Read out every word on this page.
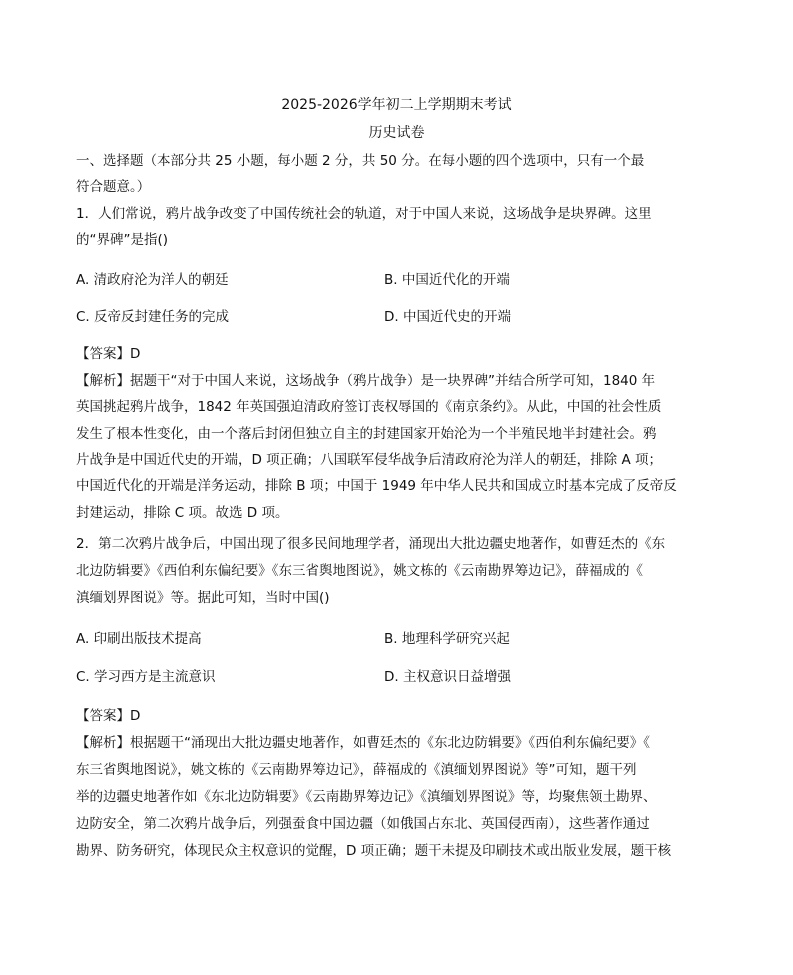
2025-2026学年初二上学期期末考试
历史试卷
一、选择题（本部分共 25 小题，每小题 2 分，共 50 分。在每小题的四个选项中，只有一个最
符合题意。）
1．人们常说，鸦片战争改变了中国传统社会的轨道，对于中国人来说，这场战争是块界碑。这里
的“界碑”是指()
A. 清政府沦为洋人的朝廷	B. 中国近代化的开端
C. 反帝反封建任务的完成	D. 中国近代史的开端
【答案】D
【解析】据题干“对于中国人来说，这场战争（鸦片战争）是一块界碑”并结合所学可知，1840 年
英国挑起鸦片战争，1842 年英国强迫清政府签订丧权辱国的《南京条约》。从此，中国的社会性质
发生了根本性变化，由一个落后封闭但独立自主的封建国家开始沦为一个半殖民地半封建社会。鸦
片战争是中国近代史的开端，D 项正确；八国联军侵华战争后清政府沦为洋人的朝廷，排除 A 项；
中国近代化的开端是洋务运动，排除 B 项；中国于 1949 年中华人民共和国成立时基本完成了反帝反
封建运动，排除 C 项。故选 D 项。
2．第二次鸦片战争后，中国出现了很多民间地理学者，涌现出大批边疆史地著作，如曹廷杰的《东
北边防辑要》《西伯利东偏纪要》《东三省舆地图说》，姚文栋的《云南勘界筹边记》，薛福成的《
滇缅划界图说》等。据此可知，当时中国()
A. 印刷出版技术提高	B. 地理科学研究兴起
C. 学习西方是主流意识	D. 主权意识日益增强
【答案】D
【解析】根据题干“涌现出大批边疆史地著作，如曹廷杰的《东北边防辑要》《西伯利东偏纪要》《
东三省舆地图说》，姚文栋的《云南勘界筹边记》，薛福成的《滇缅划界图说》等”可知，题干列
举的边疆史地著作如《东北边防辑要》《云南勘界筹边记》《滇缅划界图说》等，均聚焦领土勘界、
边防安全，第二次鸦片战争后，列强蚕食中国边疆（如俄国占东北、英国侵西南），这些著作通过
勘界、防务研究，体现民众主权意识的觉醒，D 项正确；题干未提及印刷技术或出版业发展，题干核
